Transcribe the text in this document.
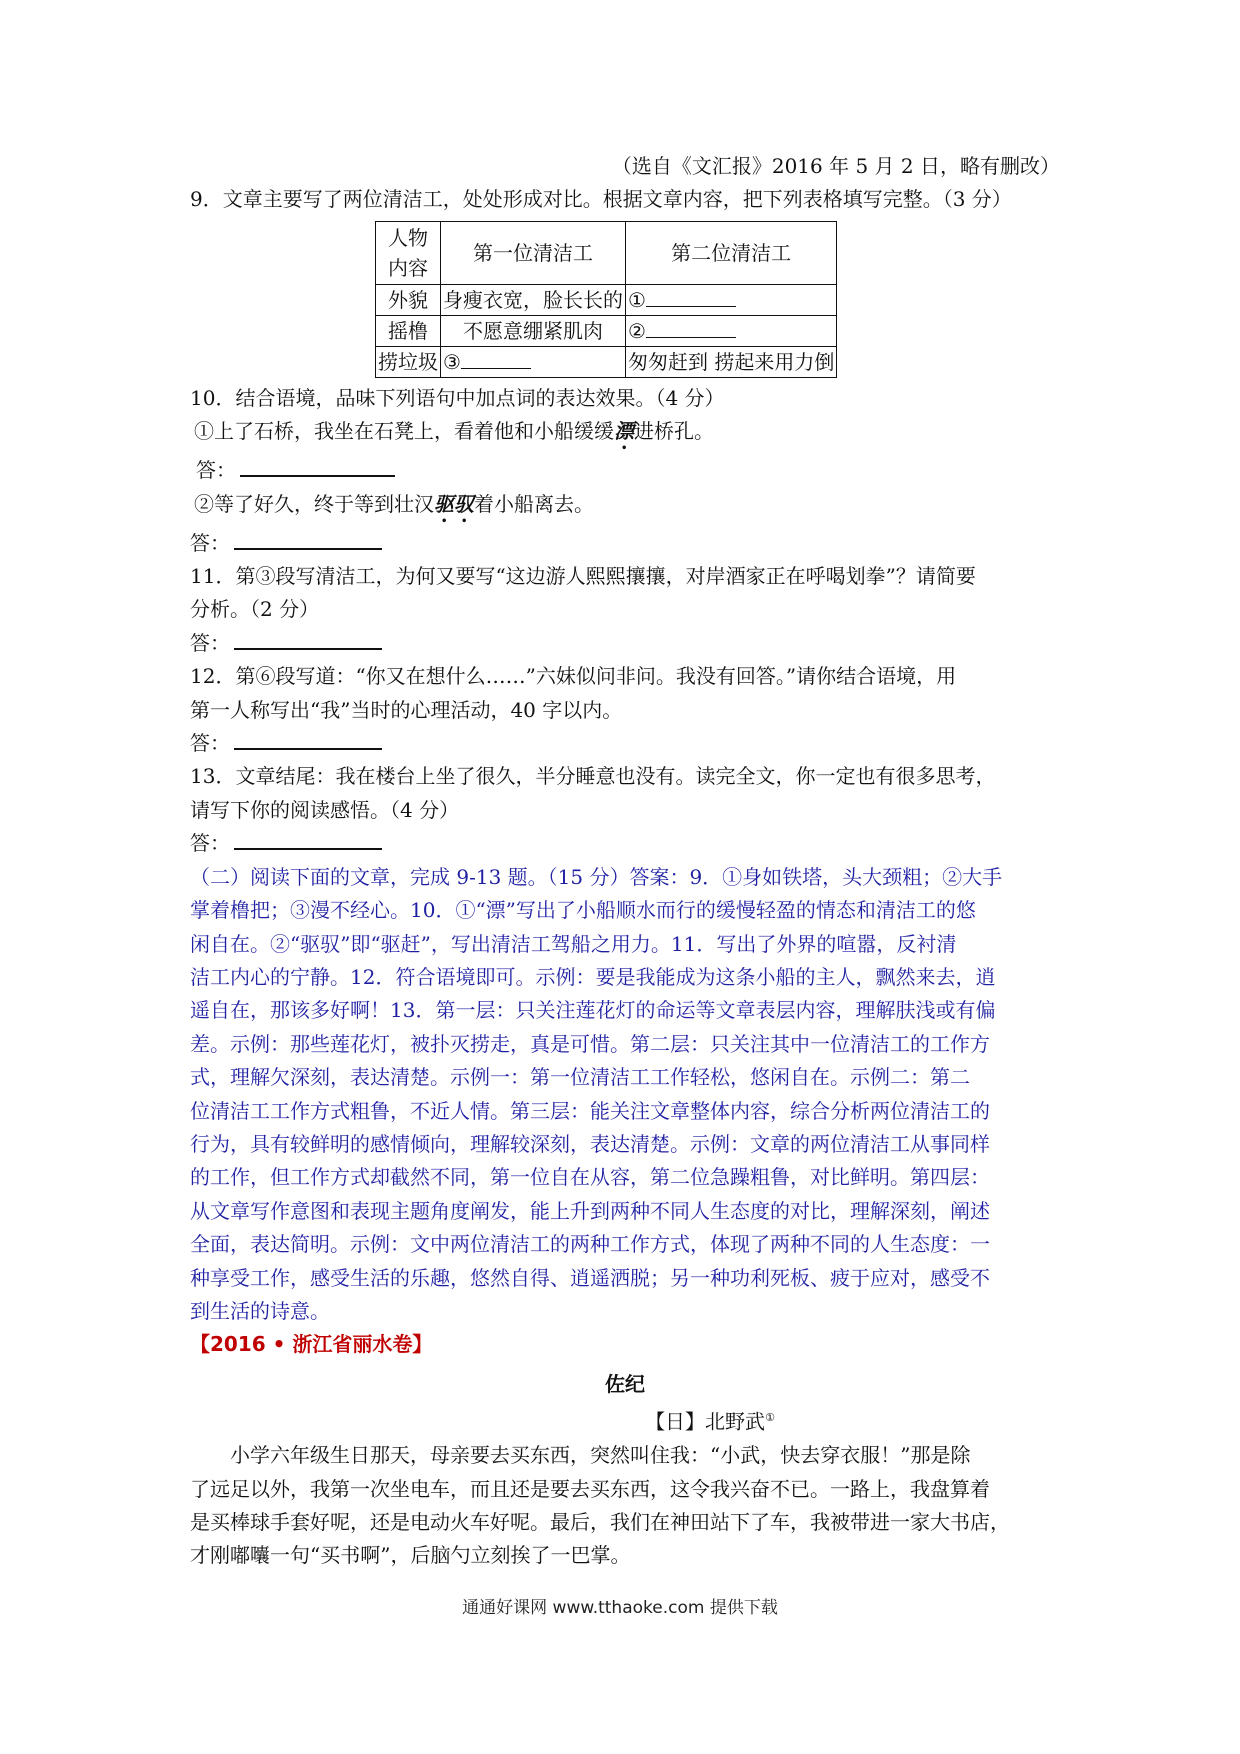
（选自《文汇报》2016 年 5 月 2 日，略有删改）
9．文章主要写了两位清洁工，处处形成对比。根据文章内容，把下列表格填写完整。（3 分）
人物
内容	第一位清洁工	第二位清洁工
外貌	身瘦衣宽，脸长长的	①
摇橹	不愿意绷紧肌肉	②
捞垃圾	③	匆匆赶到 捞起来用力倒
10．结合语境，品味下列语句中加点词的表达效果。（4 分）
①上了石桥，我坐在石凳上，看着他和小船缓缓漂进桥孔。
答：
②等了好久，终于等到壮汉驱驭着小船离去。
答：
11．第③段写清洁工，为何又要写“这边游人熙熙攘攘，对岸酒家正在呼喝划拳”？请简要
分析。（2 分）
答：
12．第⑥段写道：“你又在想什么……”六妹似问非问。我没有回答。”请你结合语境，用
第一人称写出“我”当时的心理活动，40 字以内。
答：
13．文章结尾：我在楼台上坐了很久，半分睡意也没有。读完全文，你一定也有很多思考，
请写下你的阅读感悟。（4 分）
答：
（二）阅读下面的文章，完成 9-13 题。（15 分）答案：9．①身如铁塔，头大颈粗；②大手
掌着橹把；③漫不经心。10．①“漂”写出了小船顺水而行的缓慢轻盈的情态和清洁工的悠
闲自在。②“驱驭”即“驱赶”，写出清洁工驾船之用力。11．写出了外界的喧嚣，反衬清
洁工内心的宁静。12．符合语境即可。示例：要是我能成为这条小船的主人，飘然来去，逍
遥自在，那该多好啊！13．第一层：只关注莲花灯的命运等文章表层内容，理解肤浅或有偏
差。示例：那些莲花灯，被扑灭捞走，真是可惜。第二层：只关注其中一位清洁工的工作方
式，理解欠深刻，表达清楚。示例一：第一位清洁工工作轻松，悠闲自在。示例二：第二
位清洁工工作方式粗鲁，不近人情。第三层：能关注文章整体内容，综合分析两位清洁工的
行为，具有较鲜明的感情倾向，理解较深刻，表达清楚。示例：文章的两位清洁工从事同样
的工作，但工作方式却截然不同，第一位自在从容，第二位急躁粗鲁，对比鲜明。第四层：
从文章写作意图和表现主题角度阐发，能上升到两种不同人生态度的对比，理解深刻，阐述
全面，表达简明。示例：文中两位清洁工的两种工作方式，体现了两种不同的人生态度：一
种享受工作，感受生活的乐趣，悠然自得、逍遥洒脱；另一种功利死板、疲于应对，感受不
到生活的诗意。
【2016 • 浙江省丽水卷】
佐纪
【日】北野武①
小学六年级生日那天，母亲要去买东西，突然叫住我：“小武，快去穿衣服！”那是除
了远足以外，我第一次坐电车，而且还是要去买东西，这令我兴奋不已。一路上，我盘算着
是买棒球手套好呢，还是电动火车好呢。最后，我们在神田站下了车，我被带进一家大书店，
才刚嘟囔一句“买书啊”，后脑勺立刻挨了一巴掌。
通通好课网 www.tthaoke.com 提供下载
